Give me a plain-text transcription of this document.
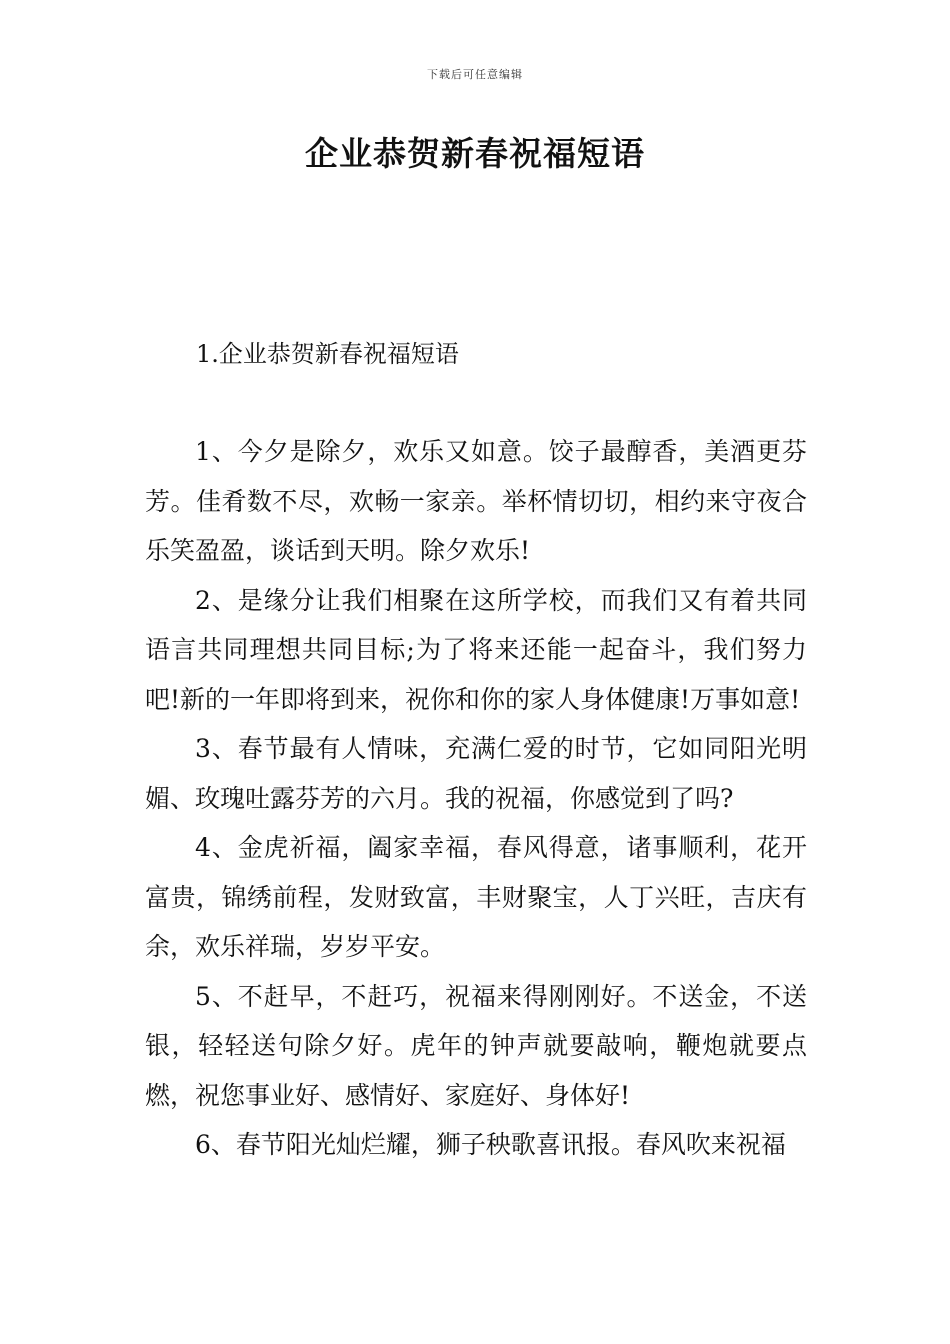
下载后可任意编辑
企业恭贺新春祝福短语
1.企业恭贺新春祝福短语

1、今夕是除夕，欢乐又如意。饺子最醇香，美酒更芬芳。佳肴数不尽，欢畅一家亲。举杯情切切，相约来守夜合乐笑盈盈，谈话到天明。除夕欢乐!

2、是缘分让我们相聚在这所学校，而我们又有着共同语言共同理想共同目标;为了将来还能一起奋斗，我们努力吧!新的一年即将到来，祝你和你的家人身体健康!万事如意!

3、春节最有人情味，充满仁爱的时节，它如同阳光明媚、玫瑰吐露芬芳的六月。我的祝福，你感觉到了吗?

4、金虎祈福，阖家幸福，春风得意，诸事顺利，花开富贵，锦绣前程，发财致富，丰财聚宝，人丁兴旺，吉庆有余，欢乐祥瑞，岁岁平安。

5、不赶早，不赶巧，祝福来得刚刚好。不送金，不送银，轻轻送句除夕好。虎年的钟声就要敲响，鞭炮就要点燃，祝您事业好、感情好、家庭好、身体好!

6、春节阳光灿烂耀，狮子秧歌喜讯报。春风吹来祝福
